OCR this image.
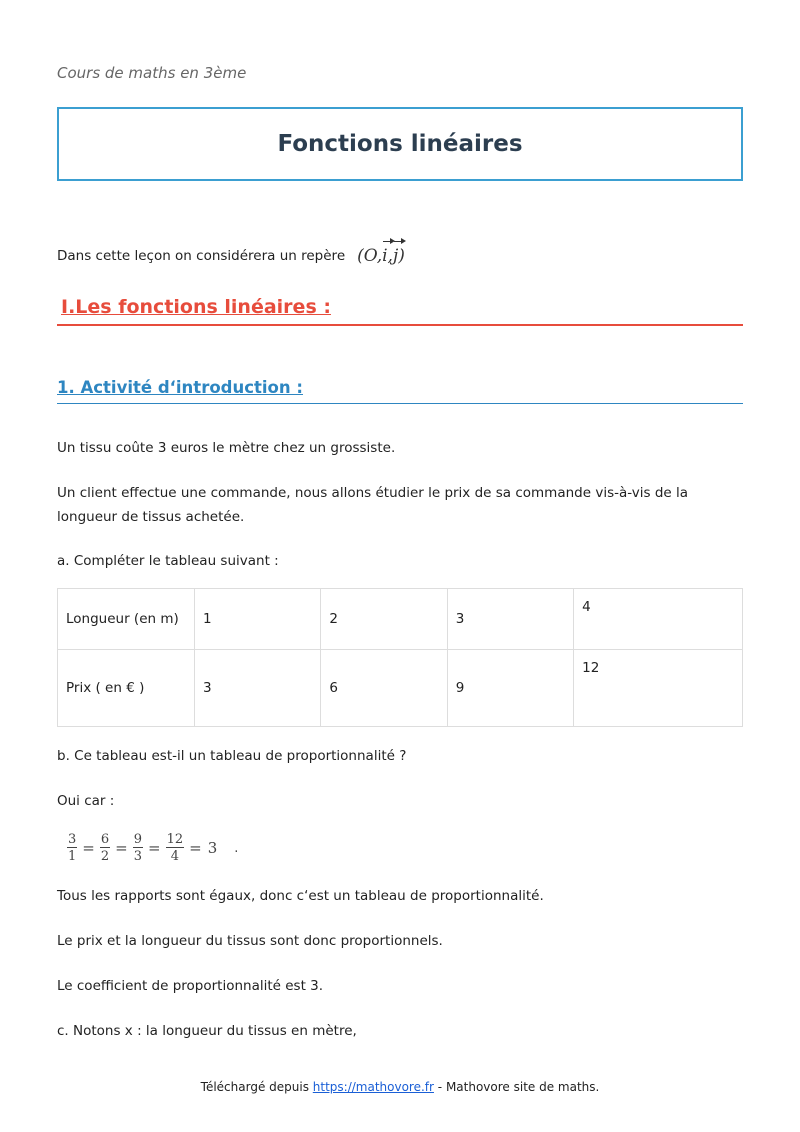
Cours de maths en 3ème
Fonctions linéaires
Dans cette leçon on considérera un repère (O,i,j)
I.Les fonctions linéaires :
1. Activité d‘introduction :
Un tissu coûte 3 euros le mètre chez un grossiste.
Un client effectue une commande, nous allons étudier le prix de sa commande vis-à-vis de la longueur de tissus achetée.
a. Compléter le tableau suivant :
Longueur (en m)	1	2	3	4
Prix ( en € )	3	6	9	12
b. Ce tableau est-il un tableau de proportionnalité ?
Oui car :
$\frac{3}{1} = \frac{6}{2} = \frac{9}{3} = \frac{12}{4} = 3$ .
Tous les rapports sont égaux, donc c‘est un tableau de proportionnalité.
Le prix et la longueur du tissus sont donc proportionnels.
Le coefficient de proportionnalité est 3.
c. Notons x : la longueur du tissus en mètre,
Téléchargé depuis https://mathovore.fr - Mathovore site de maths.
